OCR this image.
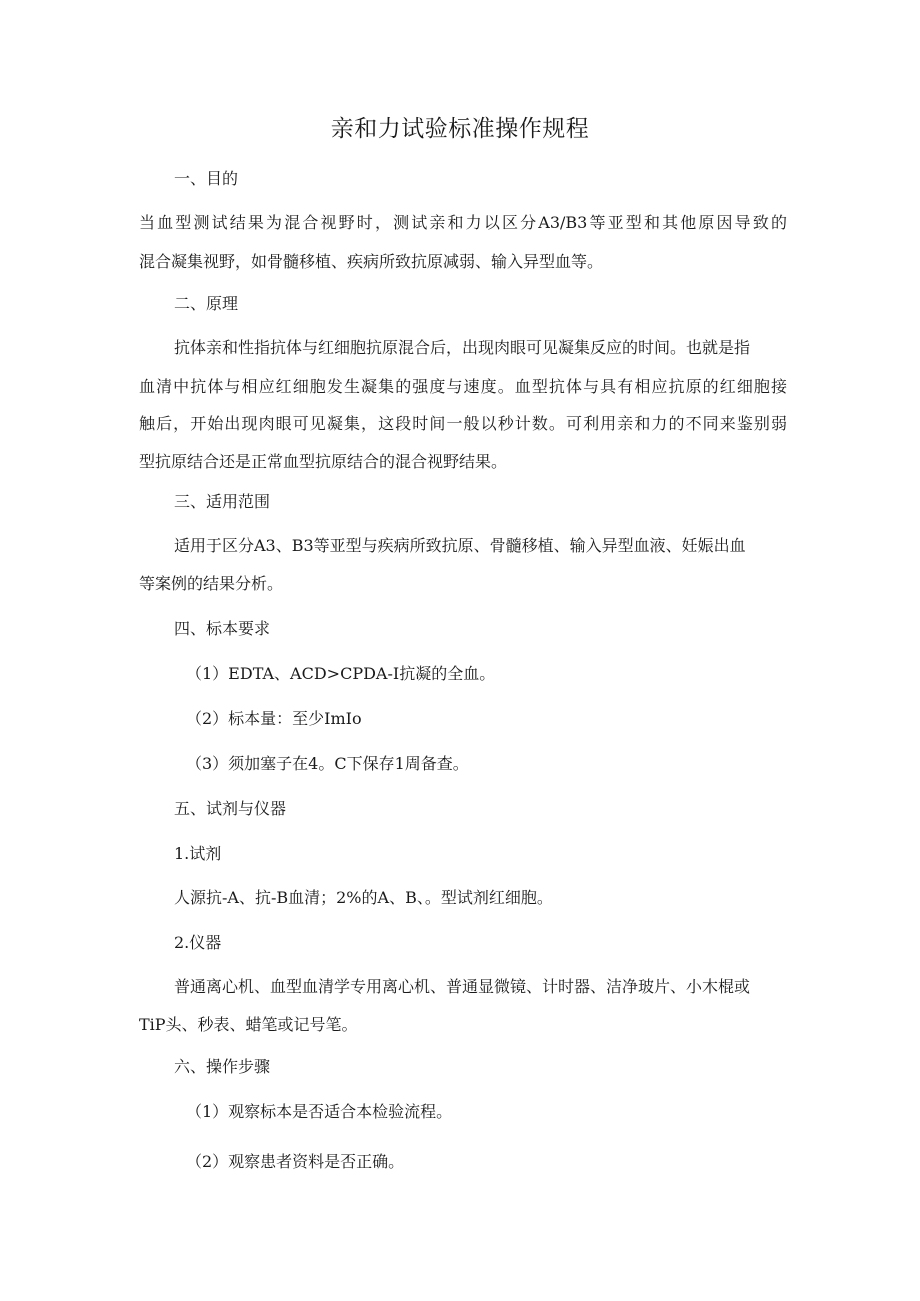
亲和力试验标准操作规程
一、目的
当血型测试结果为混合视野时，测试亲和力以区分A3/B3等亚型和其他原因导致的
混合凝集视野，如骨髓移植、疾病所致抗原减弱、输入异型血等。
二、原理
抗体亲和性指抗体与红细胞抗原混合后，出现肉眼可见凝集反应的时间。也就是指
血清中抗体与相应红细胞发生凝集的强度与速度。血型抗体与具有相应抗原的红细胞接
触后，开始出现肉眼可见凝集，这段时间一般以秒计数。可利用亲和力的不同来鉴别弱
型抗原结合还是正常血型抗原结合的混合视野结果。
三、适用范围
适用于区分A3、B3等亚型与疾病所致抗原、骨髓移植、输入异型血液、妊娠出血
等案例的结果分析。
四、标本要求
（1）EDTA、ACD>CPDA-I抗凝的全血。
（2）标本量：至少ImIo
（3）须加塞子在4。C下保存1周备查。
五、试剂与仪器
1.试剂
人源抗-A、抗-B血清；2%的A、B、。型试剂红细胞。
2.仪器
普通离心机、血型血清学专用离心机、普通显微镜、计时器、洁净玻片、小木棍或
TiP头、秒表、蜡笔或记号笔。
六、操作步骤
（1）观察标本是否适合本检验流程。
（2）观察患者资料是否正确。
